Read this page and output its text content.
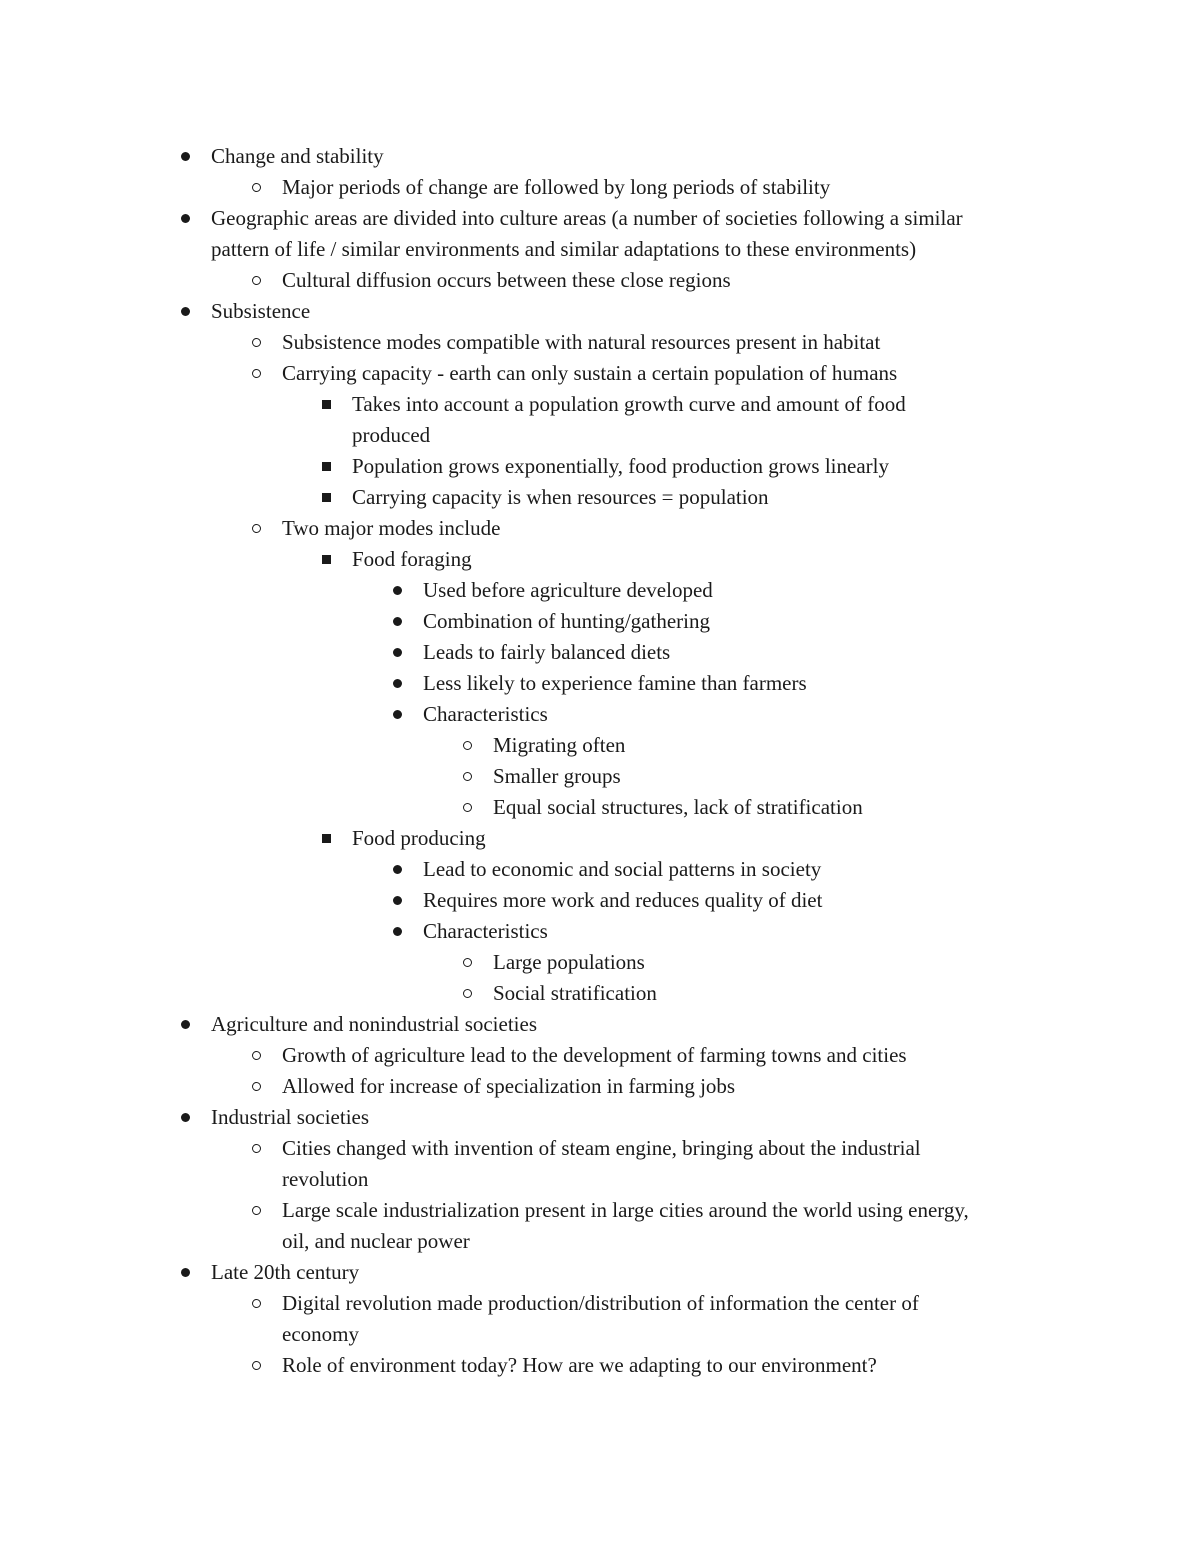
Change and stability
Major periods of change are followed by long periods of stability
Geographic areas are divided into culture areas (a number of societies following a similar
pattern of life / similar environments and similar adaptations to these environments)
Cultural diffusion occurs between these close regions
Subsistence
Subsistence modes compatible with natural resources present in habitat
Carrying capacity - earth can only sustain a certain population of humans
Takes into account a population growth curve and amount of food
produced
Population grows exponentially, food production grows linearly
Carrying capacity is when resources = population
Two major modes include
Food foraging
Used before agriculture developed
Combination of hunting/gathering
Leads to fairly balanced diets
Less likely to experience famine than farmers
Characteristics
Migrating often
Smaller groups
Equal social structures, lack of stratification
Food producing
Lead to economic and social patterns in society
Requires more work and reduces quality of diet
Characteristics
Large populations
Social stratification
Agriculture and nonindustrial societies
Growth of agriculture lead to the development of farming towns and cities
Allowed for increase of specialization in farming jobs
Industrial societies
Cities changed with invention of steam engine, bringing about the industrial
revolution
Large scale industrialization present in large cities around the world using energy,
oil, and nuclear power
Late 20th century
Digital revolution made production/distribution of information the center of
economy
Role of environment today? How are we adapting to our environment?
